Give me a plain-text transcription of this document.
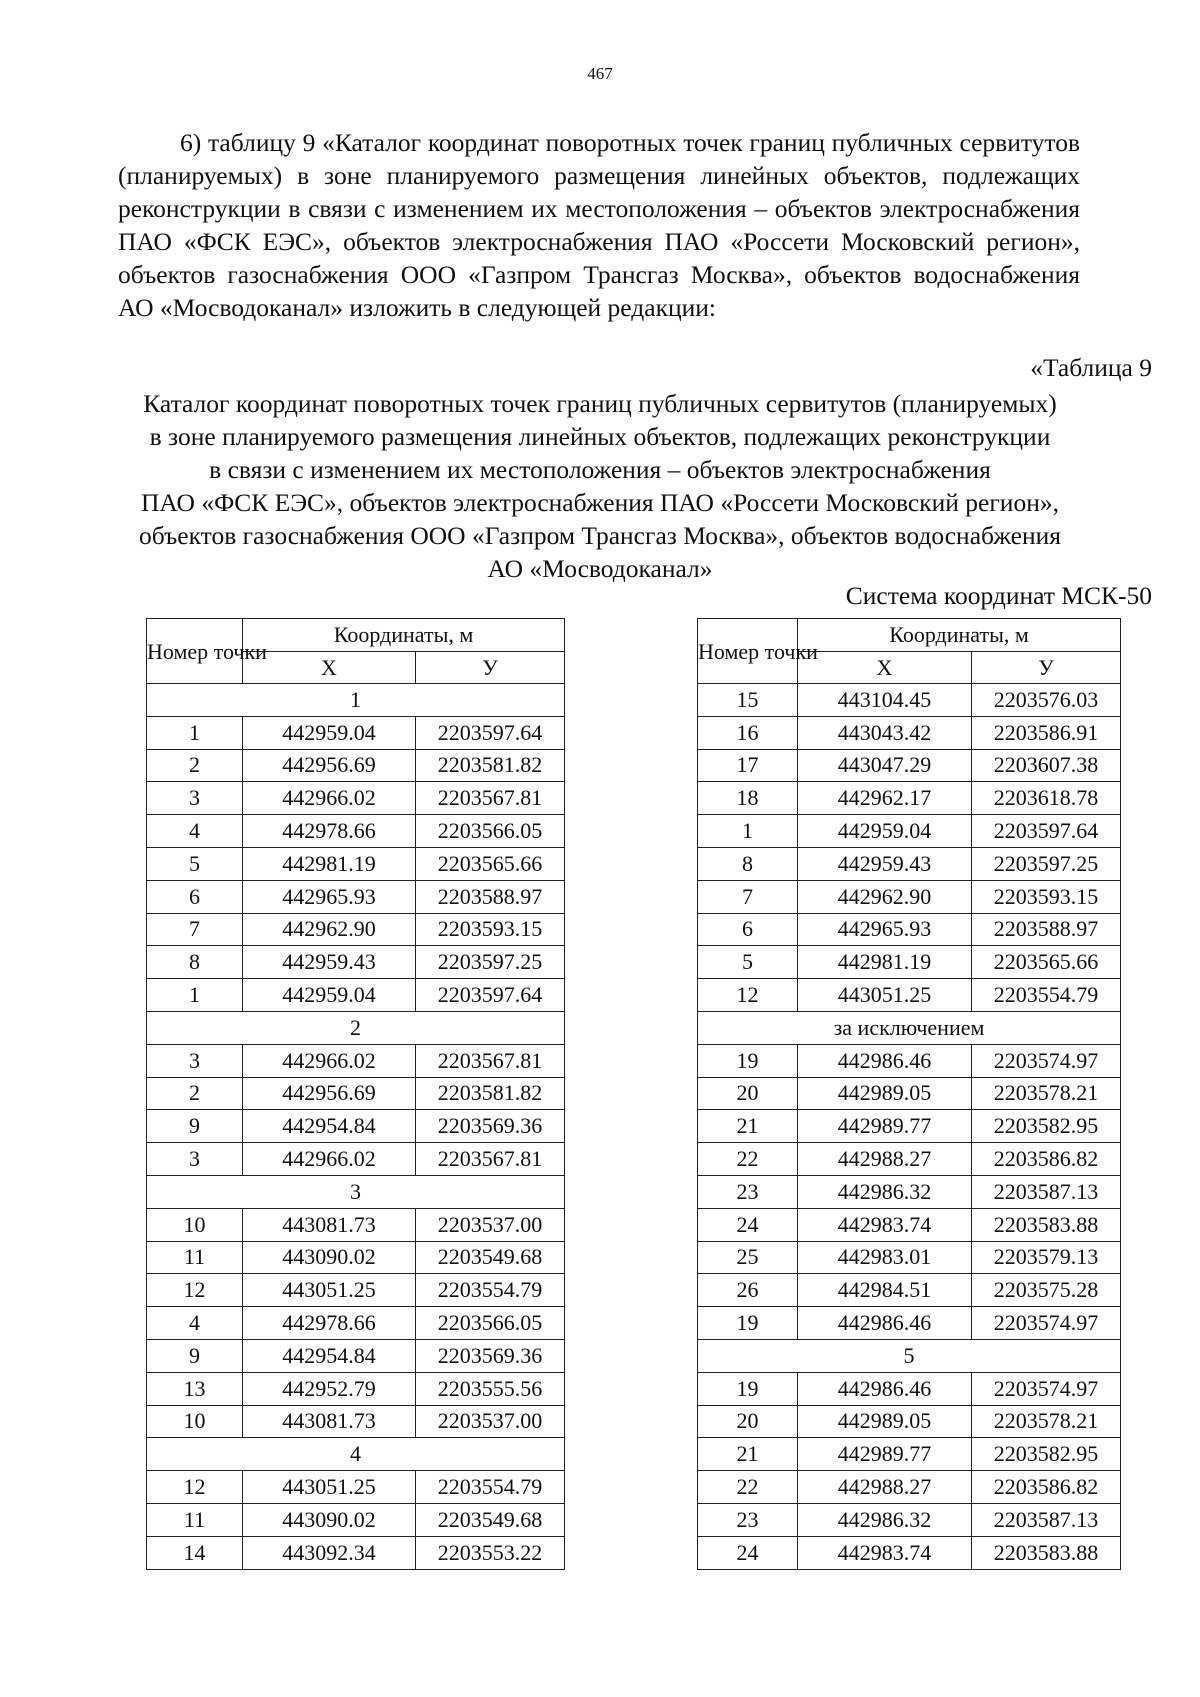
467

6) таблицу 9 «Каталог координат поворотных точек границ публичных сервитутов (планируемых) в зоне планируемого размещения линейных объектов, подлежащих реконструкции в связи с изменением их местоположения – объектов электроснабжения ПАО «ФСК ЕЭС», объектов электроснабжения ПАО «Россети Московский регион», объектов газоснабжения ООО «Газпром Трансгаз Москва», объектов водоснабжения АО «Мосводоканал» изложить в следующей редакции:

«Таблица 9
Каталог координат поворотных точек границ публичных сервитутов (планируемых)
в зоне планируемого размещения линейных объектов, подлежащих реконструкции
в связи с изменением их местоположения – объектов электроснабжения
ПАО «ФСК ЕЭС», объектов электроснабжения ПАО «Россети Московский регион»,
объектов газоснабжения ООО «Газпром Трансгаз Москва», объектов водоснабжения
АО «Мосводоканал»
Система координат МСК-50
Номер точки	Координаты, м	
	X	У
1		
1	442959.04	2203597.64
2	442956.69	2203581.82
3	442966.02	2203567.81
4	442978.66	2203566.05
5	442981.19	2203565.66
6	442965.93	2203588.97
7	442962.90	2203593.15
8	442959.43	2203597.25
1	442959.04	2203597.64
2		
3	442966.02	2203567.81
2	442956.69	2203581.82
9	442954.84	2203569.36
3	442966.02	2203567.81
3		
10	443081.73	2203537.00
11	443090.02	2203549.68
12	443051.25	2203554.79
4	442978.66	2203566.05
9	442954.84	2203569.36
13	442952.79	2203555.56
10	443081.73	2203537.00
4		
12	443051.25	2203554.79
11	443090.02	2203549.68
14	443092.34	2203553.22
Номер точки	Координаты, м	
	X	У
15	443104.45	2203576.03
16	443043.42	2203586.91
17	443047.29	2203607.38
18	442962.17	2203618.78
1	442959.04	2203597.64
8	442959.43	2203597.25
7	442962.90	2203593.15
6	442965.93	2203588.97
5	442981.19	2203565.66
12	443051.25	2203554.79
за исключением		
19	442986.46	2203574.97
20	442989.05	2203578.21
21	442989.77	2203582.95
22	442988.27	2203586.82
23	442986.32	2203587.13
24	442983.74	2203583.88
25	442983.01	2203579.13
26	442984.51	2203575.28
19	442986.46	2203574.97
5		
19	442986.46	2203574.97
20	442989.05	2203578.21
21	442989.77	2203582.95
22	442988.27	2203586.82
23	442986.32	2203587.13
24	442983.74	2203583.88
